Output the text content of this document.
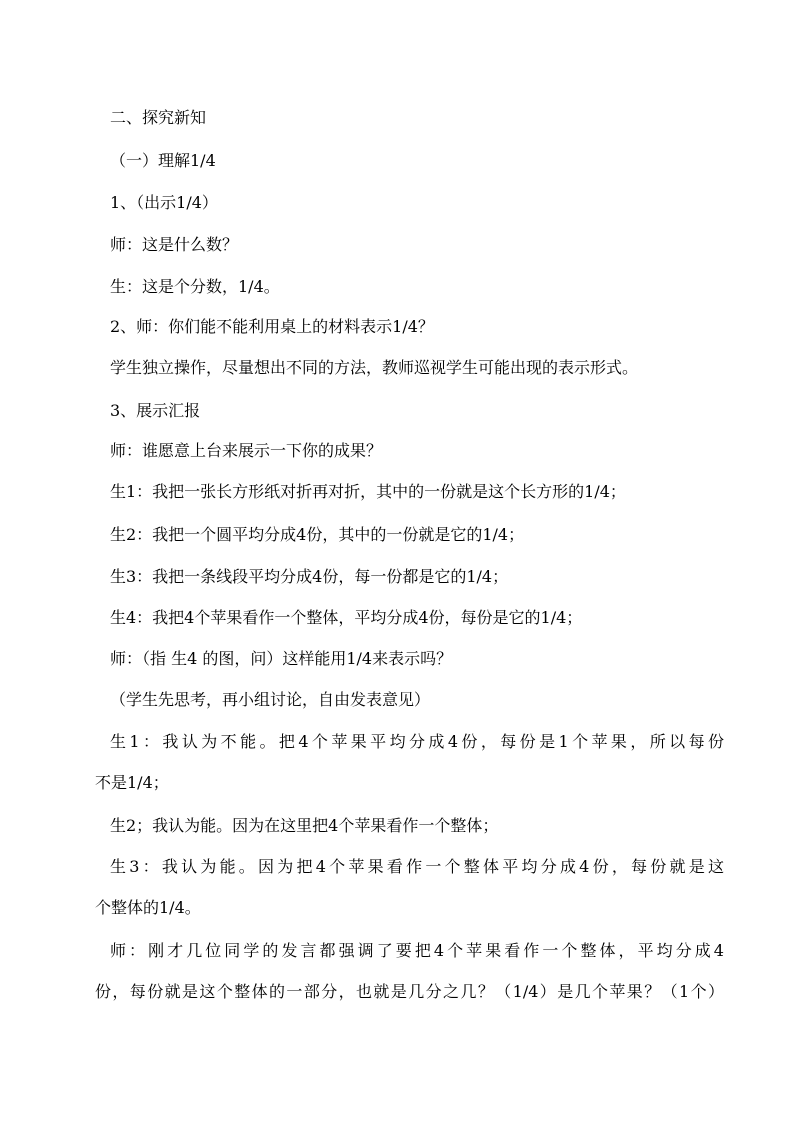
二、探究新知
（一）理解1/4
1、（出示1/4）
师：这是什么数？
生：这是个分数，1/4。
2、师：你们能不能利用桌上的材料表示1/4？
学生独立操作，尽量想出不同的方法，教师巡视学生可能出现的表示形式。
3、展示汇报
师：谁愿意上台来展示一下你的成果？
生1：我把一张长方形纸对折再对折，其中的一份就是这个长方形的1/4；
生2：我把一个圆平均分成4份，其中的一份就是它的1/4；
生3：我把一条线段平均分成4份，每一份都是它的1/4；
生4：我把4个苹果看作一个整体，平均分成4份，每份是它的1/4；
师：（指 生4 的图，问）这样能用1/4来表示吗？
（学生先思考，再小组讨论，自由发表意见）
生1：我认为不能。把4个苹果平均分成4份，每份是1个苹果，所以每份
不是1/4；
生2；我认为能。因为在这里把4个苹果看作一个整体；
生3：我认为能。因为把4个苹果看作一个整体平均分成4份，每份就是这
个整体的1/4。
师：刚才几位同学的发言都强调了要把4个苹果看作一个整体，平均分成4
份，每份就是这个整体的一部分，也就是几分之几？（1/4）是几个苹果？（1个）
